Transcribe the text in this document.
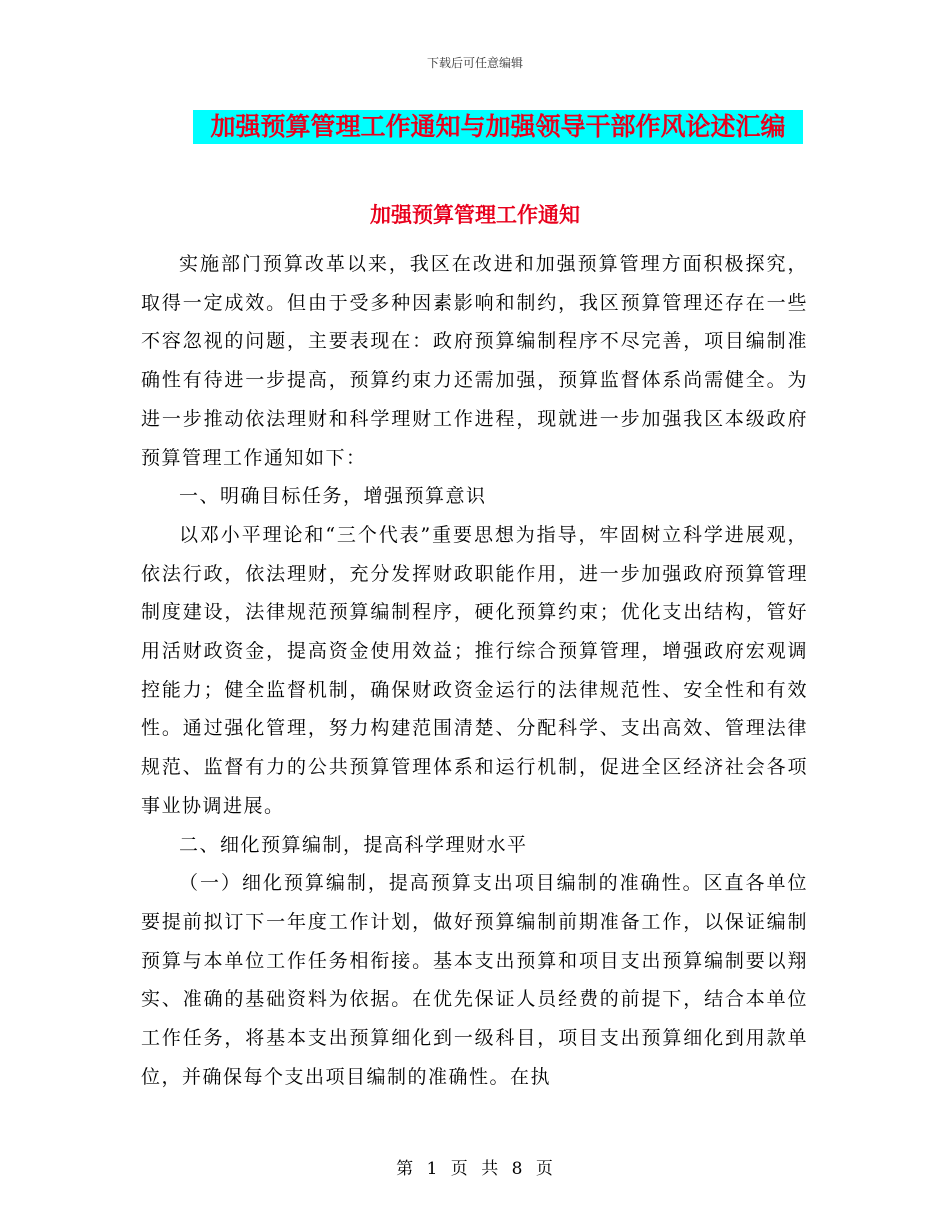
下载后可任意编辑
加强预算管理工作通知与加强领导干部作风论述汇编
加强预算管理工作通知

实施部门预算改革以来，我区在改进和加强预算管理方面积极探究，取得一定成效。但由于受多种因素影响和制约，我区预算管理还存在一些不容忽视的问题，主要表现在：政府预算编制程序不尽完善，项目编制准确性有待进一步提高，预算约束力还需加强，预算监督体系尚需健全。为进一步推动依法理财和科学理财工作进程，现就进一步加强我区本级政府预算管理工作通知如下：

一、明确目标任务，增强预算意识

以邓小平理论和“三个代表”重要思想为指导，牢固树立科学进展观，依法行政，依法理财，充分发挥财政职能作用，进一步加强政府预算管理制度建设，法律规范预算编制程序，硬化预算约束；优化支出结构，管好用活财政资金，提高资金使用效益；推行综合预算管理，增强政府宏观调控能力；健全监督机制，确保财政资金运行的法律规范性、安全性和有效性。通过强化管理，努力构建范围清楚、分配科学、支出高效、管理法律规范、监督有力的公共预算管理体系和运行机制，促进全区经济社会各项事业协调进展。

二、细化预算编制，提高科学理财水平

（一）细化预算编制，提高预算支出项目编制的准确性。区直各单位要提前拟订下一年度工作计划，做好预算编制前期准备工作，以保证编制预算与本单位工作任务相衔接。基本支出预算和项目支出预算编制要以翔实、准确的基础资料为依据。在优先保证人员经费的前提下，结合本单位工作任务，将基本支出预算细化到一级科目，项目支出预算细化到用款单位，并确保每个支出项目编制的准确性。在执

第 1 页 共 8 页
